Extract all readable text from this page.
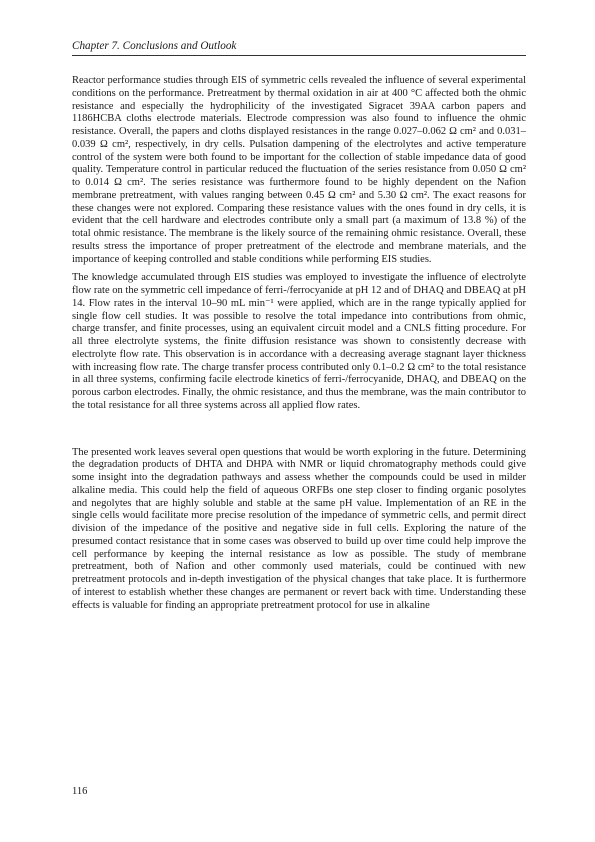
Chapter 7. Conclusions and Outlook

Reactor performance studies through EIS of symmetric cells revealed the influence of several experimental conditions on the performance. Pretreatment by thermal oxidation in air at 400 °C affected both the ohmic resistance and especially the hydrophilicity of the investigated Sigracet 39AA carbon papers and 1186HCBA cloths electrode materials. Electrode compression was also found to influence the ohmic resistance. Overall, the papers and cloths displayed resistances in the range 0.027–0.062 Ω cm² and 0.031–0.039 Ω cm², respectively, in dry cells. Pulsation dampening of the electrolytes and active temperature control of the system were both found to be important for the collection of stable impedance data of good quality. Temperature control in particular reduced the fluctuation of the series resistance from 0.050 Ω cm² to 0.014 Ω cm². The series resistance was furthermore found to be highly dependent on the Nafion membrane pretreatment, with values ranging between 0.45 Ω cm² and 5.30 Ω cm². The exact reasons for these changes were not explored. Comparing these resistance values with the ones found in dry cells, it is evident that the cell hardware and electrodes contribute only a small part (a maximum of 13.8 %) of the total ohmic resistance. The membrane is the likely source of the remaining ohmic resistance. Overall, these results stress the importance of proper pretreatment of the electrode and membrane materials, and the importance of keeping controlled and stable conditions while performing EIS studies.

The knowledge accumulated through EIS studies was employed to investigate the influence of electrolyte flow rate on the symmetric cell impedance of ferri-/ferrocyanide at pH 12 and of DHAQ and DBEAQ at pH 14. Flow rates in the interval 10–90 mL min⁻¹ were applied, which are in the range typically applied for single flow cell studies. It was possible to resolve the total impedance into contributions from ohmic, charge transfer, and finite processes, using an equivalent circuit model and a CNLS fitting procedure. For all three electrolyte systems, the finite diffusion resistance was shown to consistently decrease with electrolyte flow rate. This observation is in accordance with a decreasing average stagnant layer thickness with increasing flow rate. The charge transfer process contributed only 0.1–0.2 Ω cm² to the total resistance in all three systems, confirming facile electrode kinetics of ferri-/ferrocyanide, DHAQ, and DBEAQ on the porous carbon electrodes. Finally, the ohmic resistance, and thus the membrane, was the main contributor to the total resistance for all three systems across all applied flow rates.

The presented work leaves several open questions that would be worth exploring in the future. Determining the degradation products of DHTA and DHPA with NMR or liquid chromatography methods could give some insight into the degradation pathways and assess whether the compounds could be used in milder alkaline media. This could help the field of aqueous ORFBs one step closer to finding organic posolytes and negolytes that are highly soluble and stable at the same pH value. Implementation of an RE in the single cells would facilitate more precise resolution of the impedance of symmetric cells, and permit direct division of the impedance of the positive and negative side in full cells. Exploring the nature of the presumed contact resistance that in some cases was observed to build up over time could help improve the cell performance by keeping the internal resistance as low as possible. The study of membrane pretreatment, both of Nafion and other commonly used materials, could be continued with new pretreatment protocols and in-depth investigation of the physical changes that take place. It is furthermore of interest to establish whether these changes are permanent or revert back with time. Understanding these effects is valuable for finding an appropriate pretreatment protocol for use in alkaline

116
